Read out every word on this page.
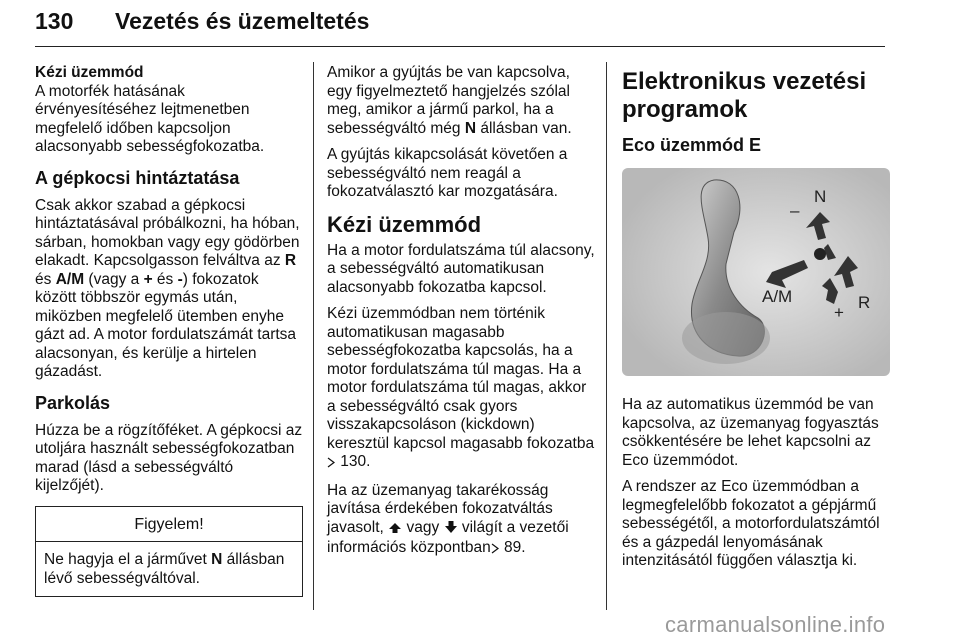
130 Vezetés és üzemeltetés
Kézi üzemmód

A motorfék hatásának érvényesítéséhez lejtmenetben megfelelő időben kapcsoljon alacsonyabb sebességfokozatba.

A gépkocsi hintáztatása

Csak akkor szabad a gépkocsi hintáztatásával próbálkozni, ha hóban, sárban, homokban vagy egy gödörben elakadt. Kapcsolgasson felváltva az R és A/M (vagy a + és -) fokozatok között többször egymás után, miközben megfelelő ütemben enyhe gázt ad. A motor fordulatszámát tartsa alacsonyan, és kerülje a hirtelen gázadást.

Parkolás

Húzza be a rögzítőféket. A gépkocsi az utoljára használt sebességfokozatban marad (lásd a sebességváltó kijelzőjét).

Figyelem!
Ne hagyja el a járművet N állásban lévő sebességváltóval.

Amikor a gyújtás be van kapcsolva, egy figyelmeztető hangjelzés szólal meg, amikor a jármű parkol, ha a sebességváltó még N állásban van.

A gyújtás kikapcsolását követően a sebességváltó nem reagál a fokozatválasztó kar mozgatására.

Kézi üzemmód

Ha a motor fordulatszáma túl alacsony, a sebességváltó automatikusan alacsonyabb fokozatba kapcsol.

Kézi üzemmódban nem történik automatikusan magasabb sebességfokozatba kapcsolás, ha a motor fordulatszáma túl magas. Ha a motor fordulatszáma túl magas, akkor a sebességváltó csak gyors visszakapcsoláson (kickdown) keresztül kapcsol magasabb fokozatba 130.

Ha az üzemanyag takarékosság javítása érdekében fokozatváltás javasolt,  vagy  világít a vezetői információs központban 89.

Elektronikus vezetési programok
Eco üzemmód E
N
–
A/M
+
R

Ha az automatikus üzemmód be van kapcsolva, az üzemanyag fogyasztás csökkentésére be lehet kapcsolni az Eco üzemmódot.

A rendszer az Eco üzemmódban a legmegfelelőbb fokozatot a gépjármű sebességétől, a motorfordulatszámtól és a gázpedál lenyomásának intenzitásától függően választja ki.

carmanualsonline.info
